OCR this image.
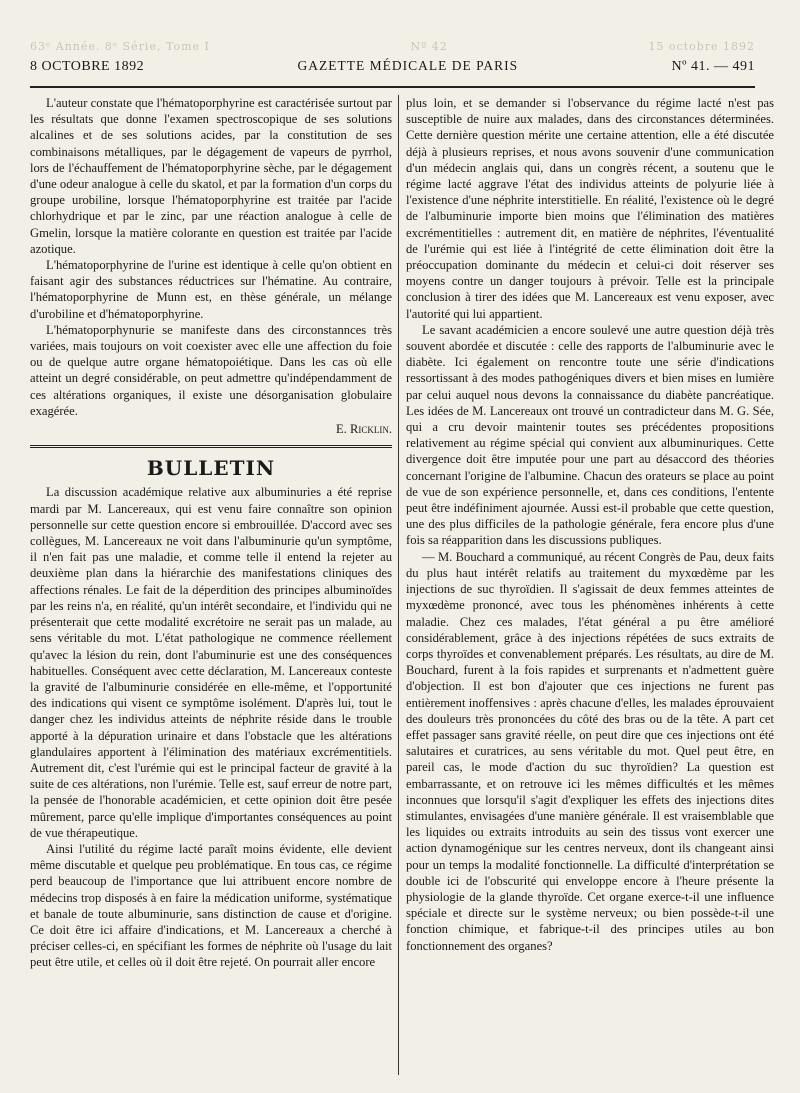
63ᵉ Année. 8ᵉ Série, Tome I	Nº 42	15 octobre 1892
8 OCTOBRE 1892	GAZETTE MÉDICALE DE PARIS	Nº 41. — 491

L'auteur constate que l'hématoporphyrine est caractérisée surtout par les résultats que donne l'examen spectroscopique de ses solutions alcalines et de ses solutions acides, par la constitution de ses combinaisons métalliques, par le dégagement de vapeurs de pyrrhol, lors de l'échauffement de l'hématoporphyrine sèche, par le dégagement d'une odeur analogue à celle du skatol, et par la formation d'un corps du groupe urobiline, lorsque l'hématoporphyrine est traitée par l'acide chlorhydrique et par le zinc, par une réaction analogue à celle de Gmelin, lorsque la matière colorante en question est traitée par l'acide azotique.

L'hématoporphyrine de l'urine est identique à celle qu'on obtient en faisant agir des substances réductrices sur l'hématine. Au contraire, l'hématoporphyrine de Munn est, en thèse générale, un mélange d'urobiline et d'hématoporphyrine.

L'hématoporphynurie se manifeste dans des circonstannces très variées, mais toujours on voit coexister avec elle une affection du foie ou de quelque autre organe hématopoiétique. Dans les cas où elle atteint un degré considérable, on peut admettre qu'indépendamment de ces altérations organiques, il existe une désorganisation globulaire exagérée.

E. Ricklin.
BULLETIN

La discussion académique relative aux albuminuries a été reprise mardi par M. Lancereaux, qui est venu faire connaître son opinion personnelle sur cette question encore si embrouillée. D'accord avec ses collègues, M. Lancereaux ne voit dans l'albuminurie qu'un symptôme, il n'en fait pas une maladie, et comme telle il entend la rejeter au deuxième plan dans la hiérarchie des manifestations cliniques des affections rénales. Le fait de la déperdition des principes albuminoïdes par les reins n'a, en réalité, qu'un intérêt secondaire, et l'individu qui ne présenterait que cette modalité excrétoire ne serait pas un malade, au sens véritable du mot. L'état pathologique ne commence réellement qu'avec la lésion du rein, dont l'abuminurie est une des conséquences habituelles. Conséquent avec cette déclaration, M. Lancereaux conteste la gravité de l'albuminurie considérée en elle-même, et l'opportunité des indications qui visent ce symptôme isolément. D'après lui, tout le danger chez les individus atteints de néphrite réside dans le trouble apporté à la dépuration urinaire et dans l'obstacle que les altérations glandulaires apportent à l'élimination des matériaux excrémentitiels. Autrement dit, c'est l'urémie qui est le principal facteur de gravité à la suite de ces altérations, non l'urémie. Telle est, sauf erreur de notre part, la pensée de l'honorable académicien, et cette opinion doit être pesée mûrement, parce qu'elle implique d'importantes conséquences au point de vue thérapeutique.

Ainsi l'utilité du régime lacté paraît moins évidente, elle devient même discutable et quelque peu problématique. En tous cas, ce régime perd beaucoup de l'importance que lui attribuent encore nombre de médecins trop disposés à en faire la médication uniforme, systématique et banale de toute albuminurie, sans distinction de cause et d'origine. Ce doit être ici affaire d'indications, et M. Lancereaux a cherché à préciser celles-ci, en spécifiant les formes de néphrite où l'usage du lait peut être utile, et celles où il doit être rejeté. On pourrait aller encore

plus loin, et se demander si l'observance du régime lacté n'est pas susceptible de nuire aux malades, dans des circonstances déterminées. Cette dernière question mérite une certaine attention, elle a été discutée déjà à plusieurs reprises, et nous avons souvenir d'une communication d'un médecin anglais qui, dans un congrès récent, a soutenu que le régime lacté aggrave l'état des individus atteints de polyurie liée à l'existence d'une néphrite interstitielle. En réalité, l'existence où le degré de l'albuminurie importe bien moins que l'élimination des matières excrémentitielles : autrement dit, en matière de néphrites, l'éventualité de l'urémie qui est liée à l'intégrité de cette élimination doit être la préoccupation dominante du médecin et celui-ci doit réserver ses moyens contre un danger toujours à prévoir. Telle est la principale conclusion à tirer des idées que M. Lancereaux est venu exposer, avec l'autorité qui lui appartient.

Le savant académicien a encore soulevé une autre question déjà très souvent abordée et discutée : celle des rapports de l'albuminurie avec le diabète. Ici également on rencontre toute une série d'indications ressortissant à des modes pathogéniques divers et bien mises en lumière par celui auquel nous devons la connaissance du diabète pancréatique. Les idées de M. Lancereaux ont trouvé un contradicteur dans M. G. Sée, qui a cru devoir maintenir toutes ses précédentes propositions relativement au régime spécial qui convient aux albuminuriques. Cette divergence doit être imputée pour une part au désaccord des théories concernant l'origine de l'albumine. Chacun des orateurs se place au point de vue de son expérience personnelle, et, dans ces conditions, l'entente peut être indéfiniment ajournée. Aussi est-il probable que cette question, une des plus difficiles de la pathologie générale, fera encore plus d'une fois sa réapparition dans les discussions publiques.

— M. Bouchard a communiqué, au récent Congrès de Pau, deux faits du plus haut intérêt relatifs au traitement du myxœdème par les injections de suc thyroïdien. Il s'agissait de deux femmes atteintes de myxœdème prononcé, avec tous les phénomènes inhérents à cette maladie. Chez ces malades, l'état général a pu être amélioré considérablement, grâce à des injections répétées de sucs extraits de corps thyroïdes et convenablement préparés. Les résultats, au dire de M. Bouchard, furent à la fois rapides et surprenants et n'admettent guère d'objection. Il est bon d'ajouter que ces injections ne furent pas entièrement inoffensives : après chacune d'elles, les malades éprouvaient des douleurs très prononcées du côté des bras ou de la tête. A part cet effet passager sans gravité réelle, on peut dire que ces injections ont été salutaires et curatrices, au sens véritable du mot. Quel peut être, en pareil cas, le mode d'action du suc thyroïdien? La question est embarrassante, et on retrouve ici les mêmes difficultés et les mêmes inconnues que lorsqu'il s'agit d'expliquer les effets des injections dites stimulantes, envisagées d'une manière générale. Il est vraisemblable que les liquides ou extraits introduits au sein des tissus vont exercer une action dynamogénique sur les centres nerveux, dont ils changeant ainsi pour un temps la modalité fonctionnelle. La difficulté d'interprétation se double ici de l'obscurité qui enveloppe encore à l'heure présente la physiologie de la glande thyroïde. Cet organe exerce-t-il une influence spéciale et directe sur le système nerveux; ou bien possède-t-il une fonction chimique, et fabrique-t-il des principes utiles au bon fonctionnement des organes?
